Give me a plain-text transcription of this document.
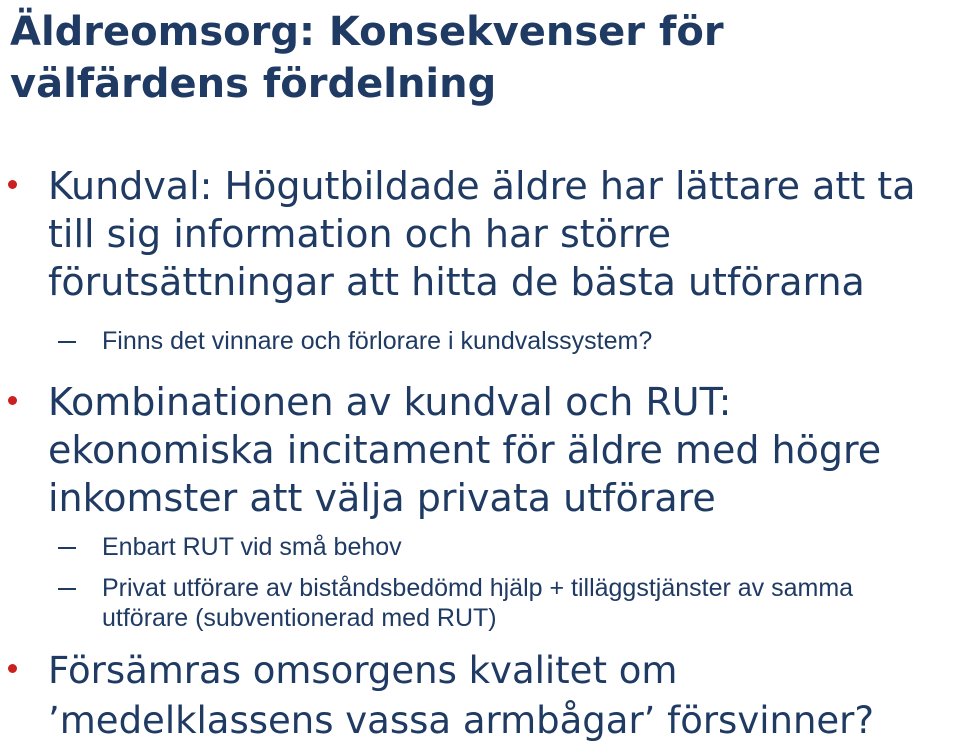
Äldreomsorg: Konsekvenser för
välfärdens fördelning

Kundval: Högutbildade äldre har lättare att ta till sig information och har större förutsättningar att hitta de bästa utförarna

Finns det vinnare och förlorare i kundvalssystem?

Kombinationen av kundval och RUT: ekonomiska incitament för äldre med högre inkomster att välja privata utförare

Enbart RUT vid små behov

Privat utförare av biståndsbedömd hjälp + tilläggstjänster av samma utförare (subventionerad med RUT)

Försämras omsorgens kvalitet om ’medelklassens vassa armbågar’ försvinner?
